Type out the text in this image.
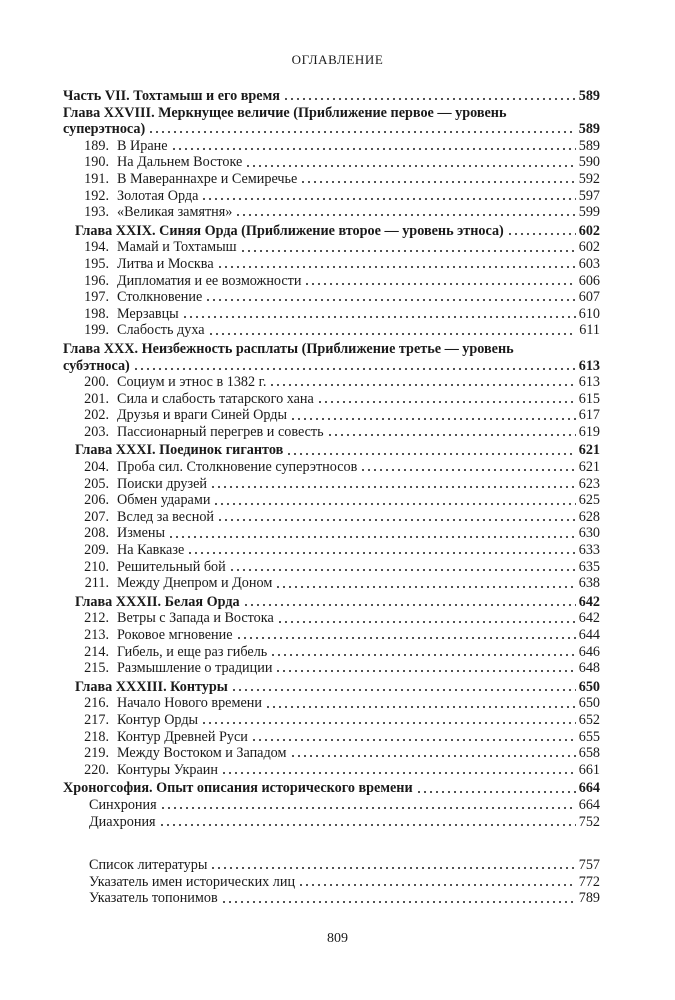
ОГЛАВЛЕНИЕ
Часть VII. Тохтамыш и его время	589
Глава XXVIII. Меркнущее величие (Приближение первое — уровень
суперэтноса)	589
189. В Иране	589
190. На Дальнем Востоке	590
191. В Мавераннахре и Семиречье	592
192. Золотая Орда	597
193. «Великая замятня»	599
Глава XXIX. Синяя Орда (Приближение второе — уровень этноса)	602
194. Мамай и Тохтамыш	602
195. Литва и Москва	603
196. Дипломатия и ее возможности	606
197. Столкновение	607
198. Мерзавцы	610
199. Слабость духа	611
Глава XXX. Неизбежность расплаты (Приближение третье — уровень
субэтноса)	613
200. Социум и этнос в 1382 г.	613
201. Сила и слабость татарского хана	615
202. Друзья и враги Синей Орды	617
203. Пассионарный перегрев и совесть	619
Глава XXXI. Поединок гигантов	621
204. Проба сил. Столкновение суперэтносов	621
205. Поиски друзей	623
206. Обмен ударами	625
207. Вслед за весной	628
208. Измены	630
209. На Кавказе	633
210. Решительный бой	635
211. Между Днепром и Доном	638
Глава XXXII. Белая Орда	642
212. Ветры с Запада и Востока	642
213. Роковое мгновение	644
214. Гибель, и еще раз гибель	646
215. Размышление о традиции	648
Глава XXXIII. Контуры	650
216. Начало Нового времени	650
217. Контур Орды	652
218. Контур Древней Руси	655
219. Между Востоком и Западом	658
220. Контуры Украин	661
Хроногсофия. Опыт описания исторического времени	664
Синхрония	664
Диахрония	752
Список литературы	757
Указатель имен исторических лиц	772
Указатель топонимов	789
809
